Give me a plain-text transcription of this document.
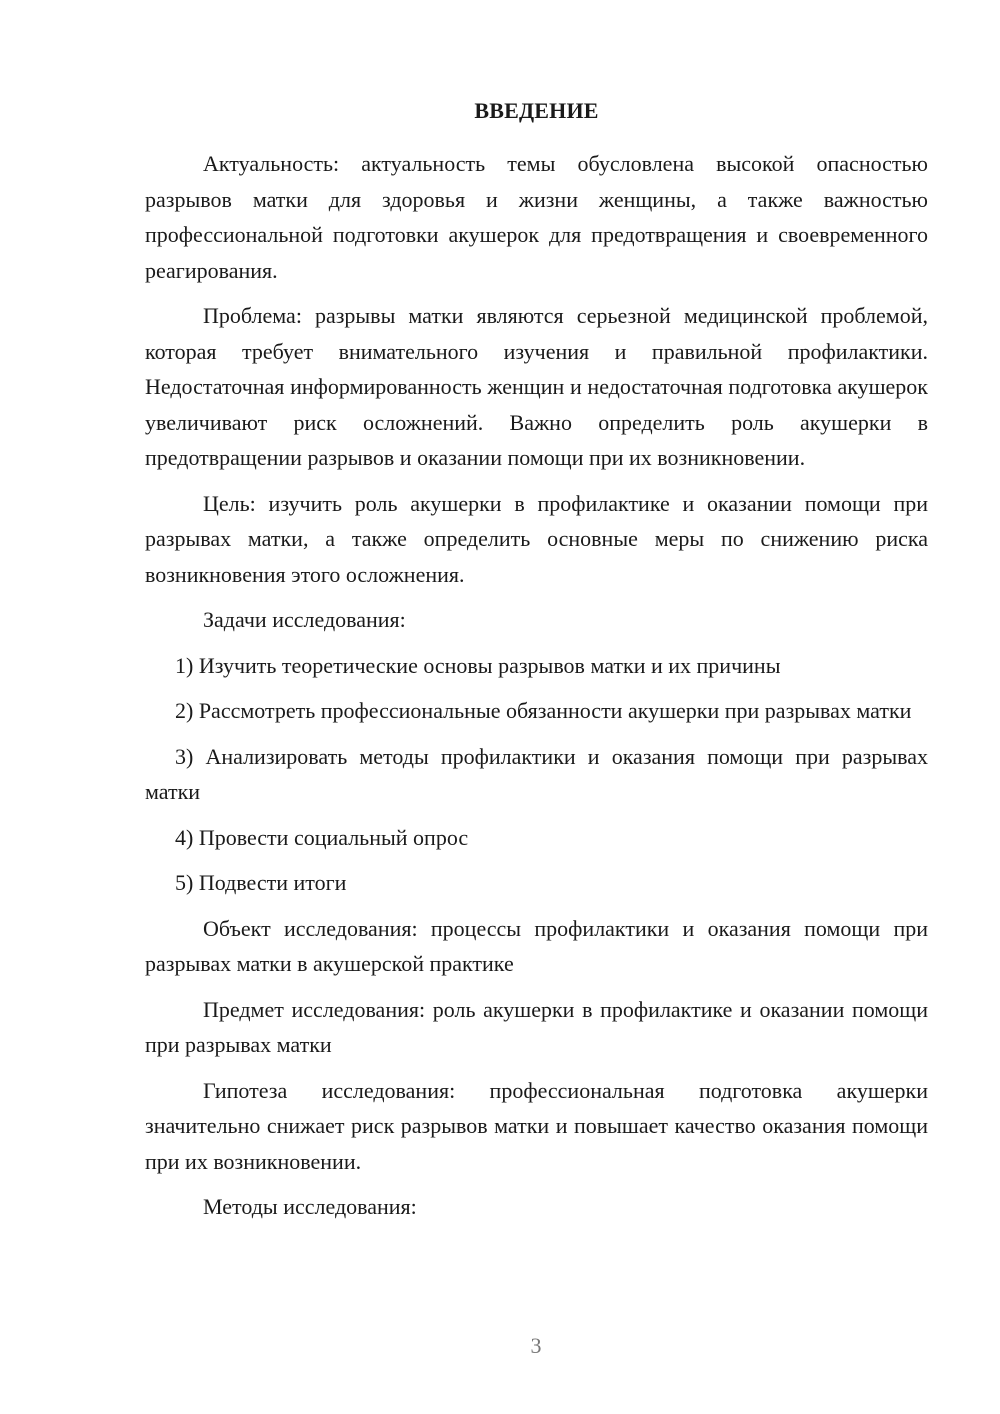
ВВЕДЕНИЕ

Актуальность: актуальность темы обусловлена высокой опасностью разрывов матки для здоровья и жизни женщины, а также важностью профессиональной подготовки акушерок для предотвращения и своевременного реагирования.

Проблема: разрывы матки являются серьезной медицинской проблемой, которая требует внимательного изучения и правильной профилактики. Недостаточная информированность женщин и недостаточная подготовка акушерок увеличивают риск осложнений. Важно определить роль акушерки в предотвращении разрывов и оказании помощи при их возникновении.

Цель: изучить роль акушерки в профилактике и оказании помощи при разрывах матки, а также определить основные меры по снижению риска возникновения этого осложнения.

Задачи исследования:

1) Изучить теоретические основы разрывов матки и их причины

2) Рассмотреть профессиональные обязанности акушерки при разрывах матки

3) Анализировать методы профилактики и оказания помощи при разрывах матки

4) Провести социальный опрос

5) Подвести итоги

Объект исследования: процессы профилактики и оказания помощи при разрывах матки в акушерской практике

Предмет исследования: роль акушерки в профилактике и оказании помощи при разрывах матки

Гипотеза исследования: профессиональная подготовка акушерки значительно снижает риск разрывов матки и повышает качество оказания помощи при их возникновении.

Методы исследования:

3
